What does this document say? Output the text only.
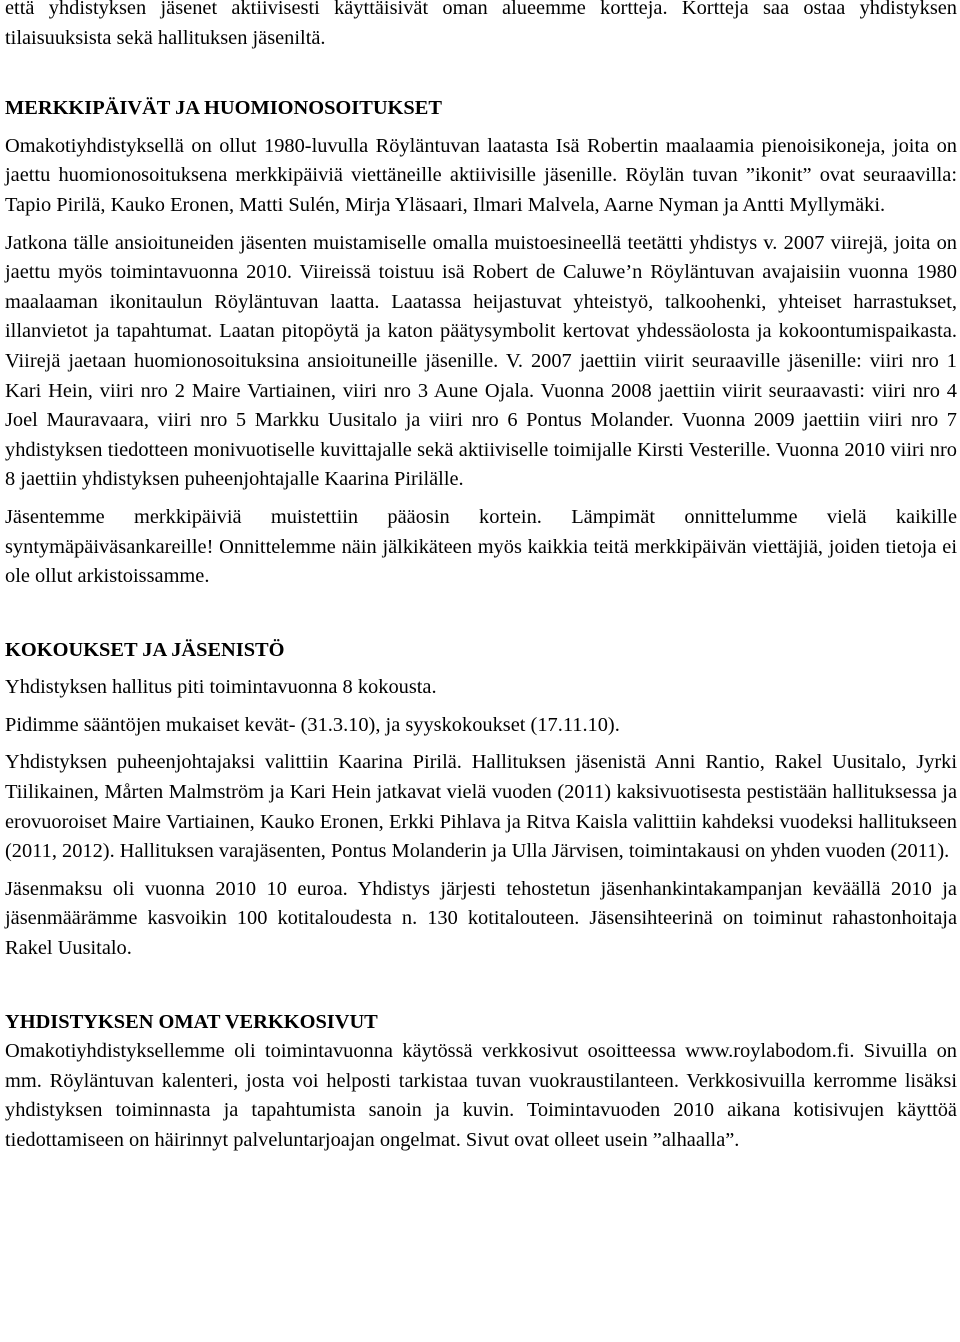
että yhdistyksen jäsenet aktiivisesti käyttäisivät oman alueemme kortteja. Kortteja saa ostaa yhdistyksen tilaisuuksista sekä hallituksen jäseniltä.

MERKKIPÄIVÄT JA HUOMIONOSOITUKSET

Omakotiyhdistyksellä on ollut 1980-luvulla Röyläntuvan laatasta Isä Robertin maalaamia pienoisikoneja, joita on jaettu huomionosoituksena merkkipäiviä viettäneille aktiivisille jäsenille. Röylän tuvan ”ikonit” ovat seuraavilla: Tapio Pirilä, Kauko Eronen, Matti Sulén, Mirja Yläsaari, Ilmari Malvela, Aarne Nyman ja Antti Myllymäki.

Jatkona tälle ansioituneiden jäsenten muistamiselle omalla muistoesineellä teetätti yhdistys v. 2007 viirejä, joita on jaettu myös toimintavuonna 2010. Viireissä toistuu isä Robert de Caluwe’n Röyläntuvan avajaisiin vuonna 1980 maalaaman ikonitaulun Röyläntuvan laatta. Laatassa heijastuvat yhteistyö, talkoohenki, yhteiset harrastukset, illanvietot ja tapahtumat. Laatan pitopöytä ja katon päätysymbolit kertovat yhdessäolosta ja kokoontumispaikasta. Viirejä jaetaan huomionosoituksina ansioituneille jäsenille. V. 2007 jaettiin viirit seuraaville jäsenille: viiri nro 1 Kari Hein, viiri nro 2 Maire Vartiainen, viiri nro 3 Aune Ojala. Vuonna 2008 jaettiin viirit seuraavasti: viiri nro 4 Joel Mauravaara, viiri nro 5 Markku Uusitalo ja viiri nro 6 Pontus Molander. Vuonna 2009 jaettiin viiri nro 7 yhdistyksen tiedotteen monivuotiselle kuvittajalle sekä aktiiviselle toimijalle Kirsti Vesterille. Vuonna 2010 viiri nro 8 jaettiin yhdistyksen puheenjohtajalle Kaarina Pirilälle.

Jäsentemme merkkipäiviä muistettiin pääosin kortein. Lämpimät onnittelumme vielä kaikille syntymäpäiväsankareille! Onnittelemme näin jälkikäteen myös kaikkia teitä merkkipäivän viettäjiä, joiden tietoja ei ole ollut arkistoissamme.

KOKOUKSET JA JÄSENISTÖ

Yhdistyksen hallitus piti toimintavuonna 8 kokousta.

Pidimme sääntöjen mukaiset kevät- (31.3.10), ja syyskokoukset (17.11.10).

Yhdistyksen puheenjohtajaksi valittiin Kaarina Pirilä. Hallituksen jäsenistä Anni Rantio, Rakel Uusitalo, Jyrki Tiilikainen, Mårten Malmström ja Kari Hein jatkavat vielä vuoden (2011) kaksivuotisesta pestistään hallituksessa ja erovuoroiset Maire Vartiainen, Kauko Eronen, Erkki Pihlava ja Ritva Kaisla valittiin kahdeksi vuodeksi hallitukseen (2011, 2012). Hallituksen varajäsenten, Pontus Molanderin ja Ulla Järvisen, toimintakausi on yhden vuoden (2011).

Jäsenmaksu oli vuonna 2010 10 euroa. Yhdistys järjesti tehostetun jäsenhankintakampanjan keväällä 2010 ja jäsenmäärämme kasvoikin 100 kotitaloudesta n. 130 kotitalouteen. Jäsensihteerinä on toiminut rahastonhoitaja Rakel Uusitalo.

YHDISTYKSEN OMAT VERKKOSIVUT

Omakotiyhdistyksellemme oli toimintavuonna käytössä verkkosivut osoitteessa www.roylabodom.fi. Sivuilla on mm. Röyläntuvan kalenteri, josta voi helposti tarkistaa tuvan vuokraustilanteen. Verkkosivuilla kerromme lisäksi yhdistyksen toiminnasta ja tapahtumista sanoin ja kuvin. Toimintavuoden 2010 aikana kotisivujen käyttöä tiedottamiseen on häirinnyt palveluntarjoajan ongelmat. Sivut ovat olleet usein ”alhaalla”.
